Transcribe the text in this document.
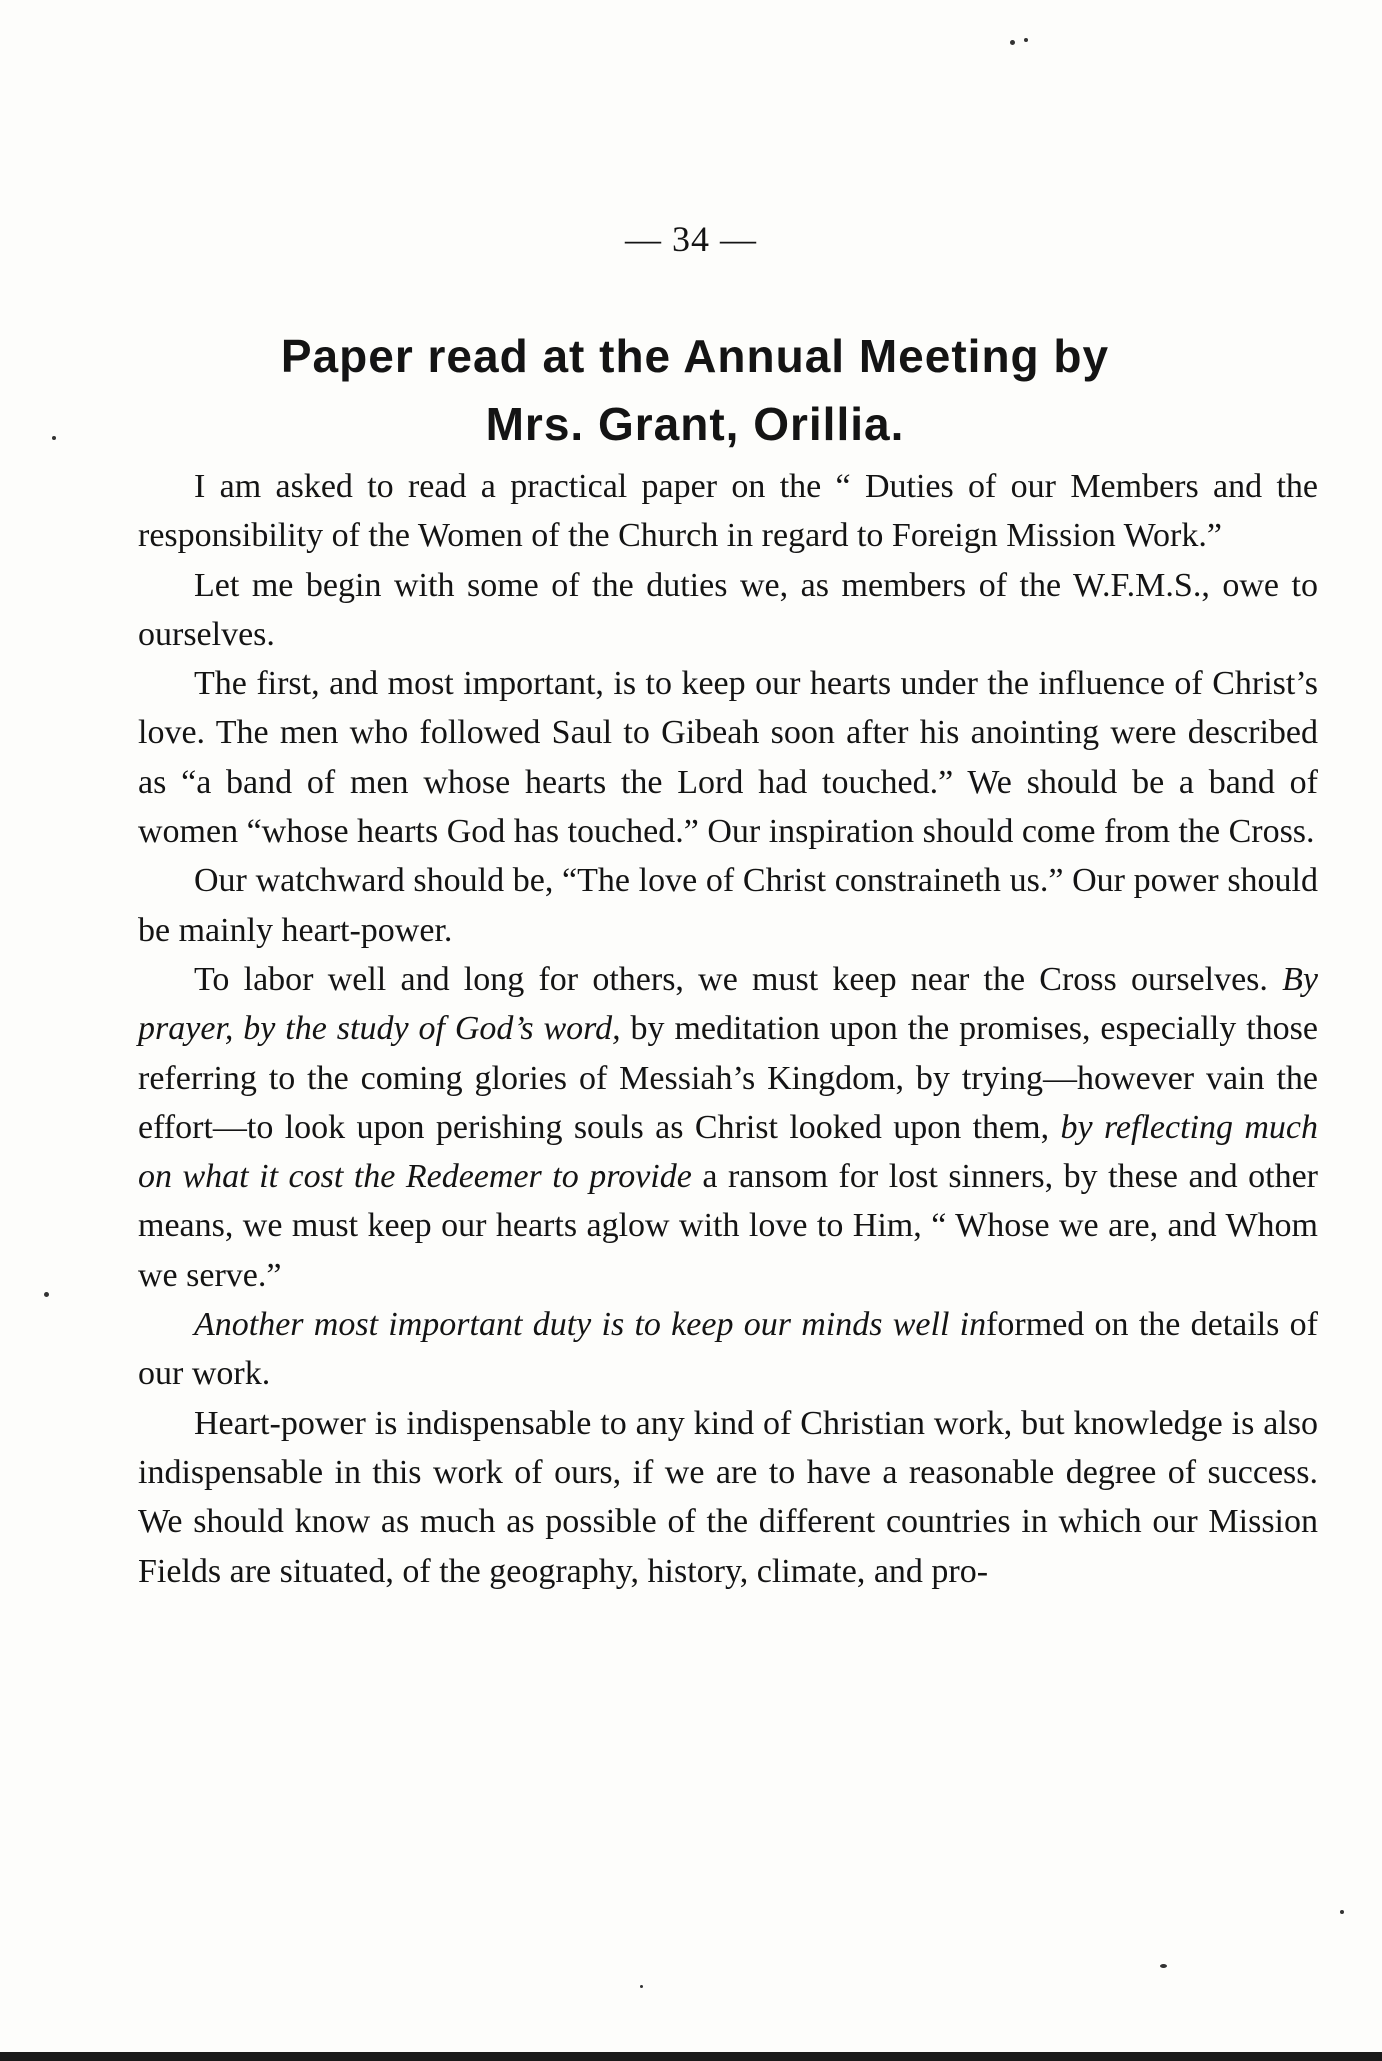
— 34 —
Paper read at the Annual Meeting by
Mrs. Grant, Orillia.

I am asked to read a practical paper on the “ Duties of our Members and the responsibility of the Women of the Church in regard to Foreign Mission Work.”

Let me begin with some of the duties we, as members of the W.F.M.S., owe to ourselves.

The first, and most important, is to keep our hearts under the influence of Christ’s love. The men who followed Saul to Gibeah soon after his anointing were described as “a band of men whose hearts the Lord had touched.” We should be a band of women “whose hearts God has touched.” Our inspiration should come from the Cross.

Our watchward should be, “The love of Christ constraineth us.” Our power should be mainly heart-power.

To labor well and long for others, we must keep near the Cross ourselves. By prayer, by the study of God’s word, by meditation upon the promises, especially those referring to the coming glories of Messiah’s Kingdom, by trying—however vain the effort—to look upon perishing souls as Christ looked upon them, by reflecting much on what it cost the Redeemer to provide a ransom for lost sinners, by these and other means, we must keep our hearts aglow with love to Him, “ Whose we are, and Whom we serve.”

Another most important duty is to keep our minds well informed on the details of our work.

Heart-power is indispensable to any kind of Christian work, but knowledge is also indispensable in this work of ours, if we are to have a reasonable degree of success. We should know as much as possible of the different countries in which our Mission Fields are situated, of the geography, history, climate, and pro-
